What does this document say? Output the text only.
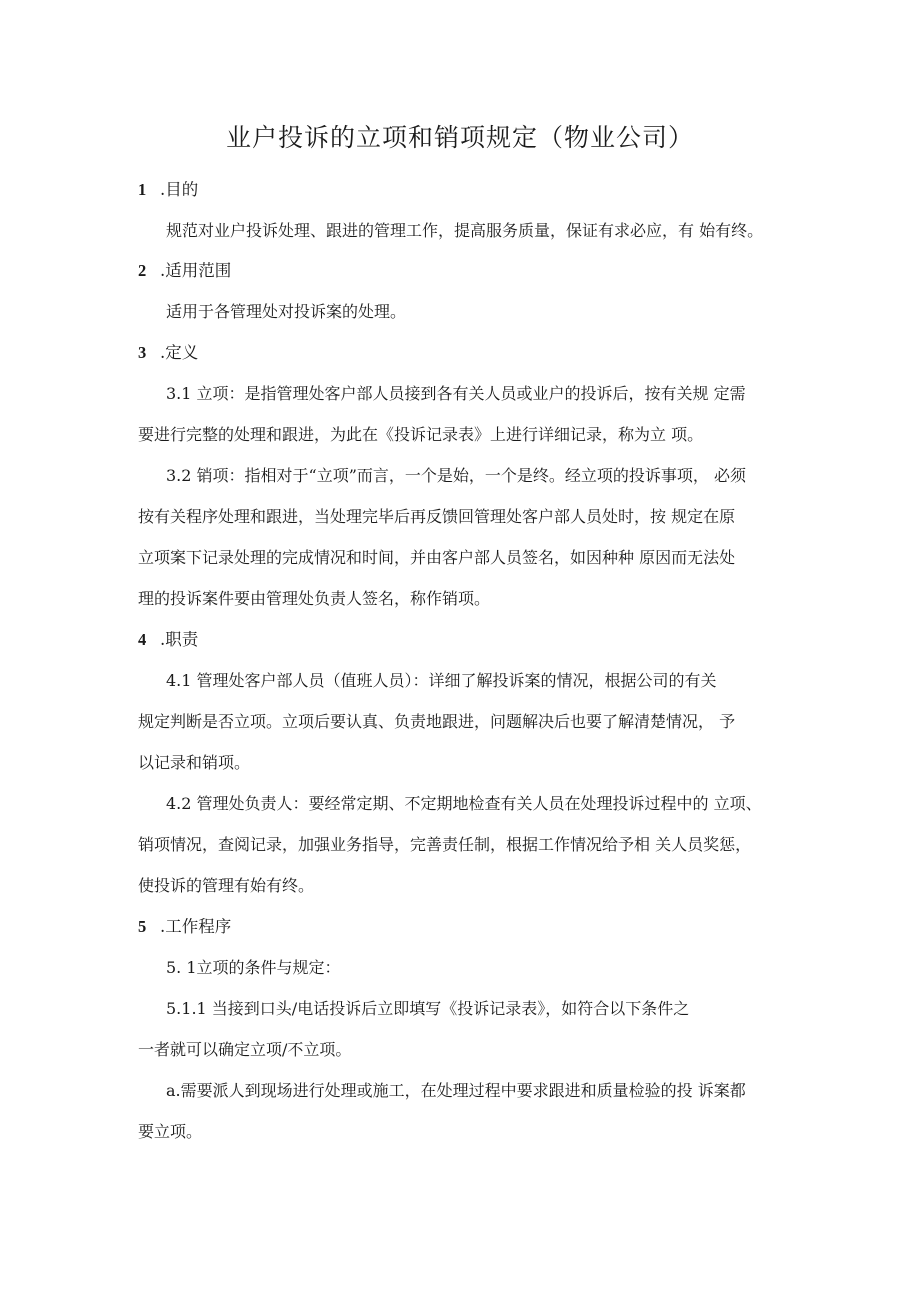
业户投诉的立项和销项规定（物业公司）
1 .目的
规范对业户投诉处理、跟进的管理工作，提高服务质量，保证有求必应，有 始有终。
2 .适用范围
适用于各管理处对投诉案的处理。
3 .定义
3.1 立项：是指管理处客户部人员接到各有关人员或业户的投诉后，按有关规 定需
要进行完整的处理和跟进，为此在《投诉记录表》上进行详细记录，称为立 项。
3.2 销项：指相对于“立项”而言，一个是始，一个是终。经立项的投诉事项， 必须
按有关程序处理和跟进，当处理完毕后再反馈回管理处客户部人员处时，按 规定在原
立项案下记录处理的完成情况和时间，并由客户部人员签名，如因种种 原因而无法处
理的投诉案件要由管理处负责人签名，称作销项。
4 .职责
4.1 管理处客户部人员（值班人员）：详细了解投诉案的情况，根据公司的有关
规定判断是否立项。立项后要认真、负责地跟进，问题解决后也要了解清楚情况， 予
以记录和销项。
4.2 管理处负责人：要经常定期、不定期地检查有关人员在处理投诉过程中的 立项、
销项情况，查阅记录，加强业务指导，完善责任制，根据工作情况给予相 关人员奖惩，
使投诉的管理有始有终。
5 .工作程序
5. 1立项的条件与规定：
5.1.1 当接到口头/电话投诉后立即填写《投诉记录表》，如符合以下条件之
一者就可以确定立项/不立项。
a.需要派人到现场进行处理或施工，在处理过程中要求跟进和质量检验的投 诉案都
要立项。
